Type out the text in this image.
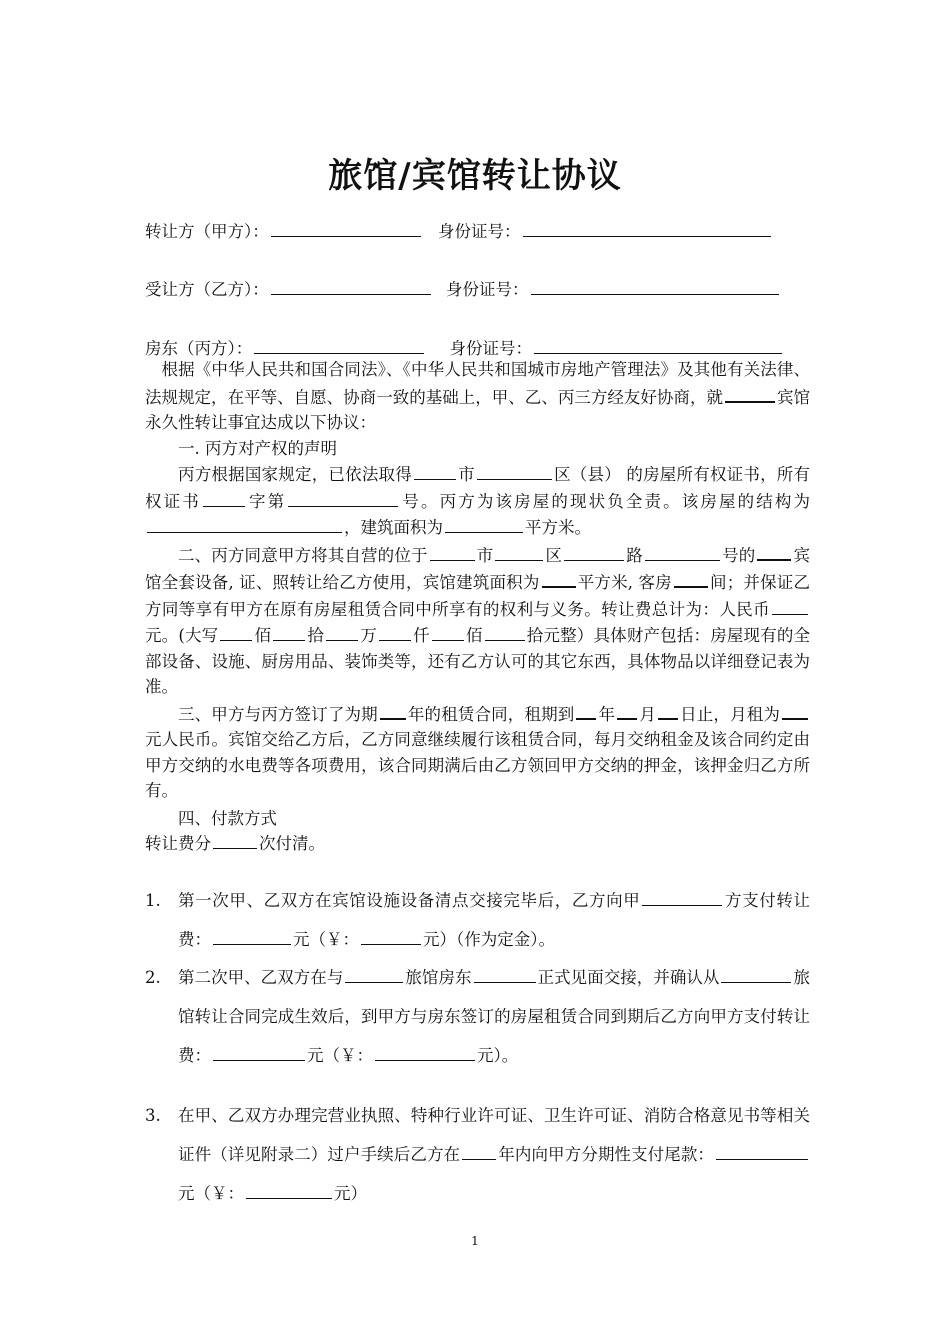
旅馆/宾馆转让协议
转让方（甲方）：	身份证号：
受让方（乙方）：	身份证号：
房东（丙方）：	身份证号：

根据《中华人民共和国合同法》、《中华人民共和国城市房地产管理法》及其他有关法律、法规规定，在平等、自愿、协商一致的基础上，甲、乙、丙三方经友好协商，就	宾馆永久性转让事宜达成以下协议：

一. 丙方对产权的声明

丙方根据国家规定，已依法取得	市	区（县） 的房屋所有权证书，所有权证书	字第	号。丙方为该房屋的现状负全责。该房屋的结构为，建筑面积为	平方米。

二、丙方同意甲方将其自营的位于	市	区	路	号的 宾馆全套设备, 证、照转让给乙方使用，宾馆建筑面积为 平方米, 客房 间；并保证乙方同等享有甲方在原有房屋租赁合同中所享有的权利与义务。转让费总计为：人民币元。(大写 佰 拾 万 仟 佰	拾元整）具体财产包括：房屋现有的全部设备、设施、厨房用品、装饰类等，还有乙方认可的其它东西，具体物品以详细登记表为准。

三、甲方与丙方签订了为期 年的租赁合同，租期到 年 月 日止，月租为元人民币。宾馆交给乙方后，乙方同意继续履行该租赁合同，每月交纳租金及该合同约定由甲方交纳的水电费等各项费用，该合同期满后由乙方领回甲方交纳的押金，该押金归乙方所有。

四、付款方式

转让费分	次付清。
1. 第一次甲、乙双方在宾馆设施设备清点交接完毕后，乙方向甲	方支付转让费：	元（￥：	元）（作为定金）。
2. 第二次甲、乙双方在与	旅馆房东	正式见面交接，并确认从	旅馆转让合同完成生效后，到甲方与房东签订的房屋租赁合同到期后乙方向甲方支付转让费：	元（￥：	元）。
3. 在甲、乙双方办理完营业执照、特种行业许可证、卫生许可证、消防合格意见书等相关证件（详见附录二）过户手续后乙方在 年内向甲方分期性支付尾款：元（￥：	元）
1
